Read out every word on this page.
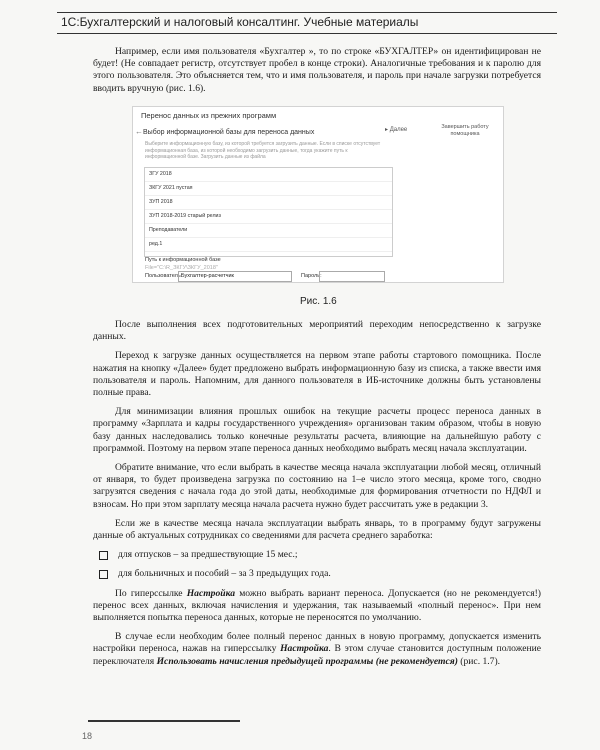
1С:Бухгалтерский и налоговый консалтинг. Учебные материалы

Например, если имя пользователя «Бухгалтер », то по строке «БУХГАЛТЕР» он идентифицирован не будет! (Не совпадает регистр, отсутствует пробел в конце строки). Аналогичные требования и к паролю для этого пользователя. Это объясняется тем, что и имя пользователя, и пароль при начале загрузки потребуется вводить вручную (рис. 1.6).

Перенос данных из прежних программ
← Выбор информационной базы для переноса данных	▸ Далее	Завершить работу помощника
Выберите информационную базу, из которой требуется загрузить данные. Если в списке отсутствует информационная база, из которой необходимо загрузить данные, тогда укажите путь к информационной базе. Загрузить данные из файла
ЗГУ 2018
ЗКГУ 2021 пустая
ЗУП 2018
ЗУП 2018-2019 старый релиз
Преподаватели
ред.1
Путь к информационной базе
File="C:\R_ЗКГУ\ЗКГУ_2018"
Пользователь:
Бухгалтер-расчетчик	Пароль:
Рис. 1.6

После выполнения всех подготовительных мероприятий переходим непосредственно к загрузке данных.

Переход к загрузке данных осуществляется на первом этапе работы стартового помощника. После нажатия на кнопку «Далее» будет предложено выбрать информационную базу из списка, а также ввести имя пользователя и пароль. Напомним, для данного пользователя в ИБ-источнике должны быть установлены полные права.

Для минимизации влияния прошлых ошибок на текущие расчеты процесс переноса данных в программу «Зарплата и кадры государственного учреждения» организован таким образом, чтобы в новую базу данных наследовались только конечные результаты расчета, влияющие на дальнейшую работу с программой. Поэтому на первом этапе переноса данных необходимо выбрать месяц начала эксплуатации.

Обратите внимание, что если выбрать в качестве месяца начала эксплуатации любой месяц, отличный от января, то будет произведена загрузка по состоянию на 1–е число этого месяца, кроме того, сводно загрузятся сведения с начала года до этой даты, необходимые для формирования отчетности по НДФЛ и взносам. Но при этом зарплату месяца начала расчета нужно будет рассчитать уже в редакции 3.

Если же в качестве месяца начала эксплуатации выбрать январь, то в программу будут загружены данные об актуальных сотрудниках со сведениями для расчета среднего заработка:

для отпусков – за предшествующие 15 мес.;
для больничных и пособий – за 3 предыдущих года.

По гиперссылке Настройка можно выбрать вариант переноса. Допускается (но не рекомендуется!) перенос всех данных, включая начисления и удержания, так называемый «полный перенос». При нем выполняется попытка переноса данных, которые не переносятся по умолчанию.

В случае если необходим более полный перенос данных в новую программу, допускается изменить настройки переноса, нажав на гиперссылку Настройка. В этом случае становится доступным положение переключателя Использовать начисления предыдущей программы (не рекомендуется) (рис. 1.7).

18
